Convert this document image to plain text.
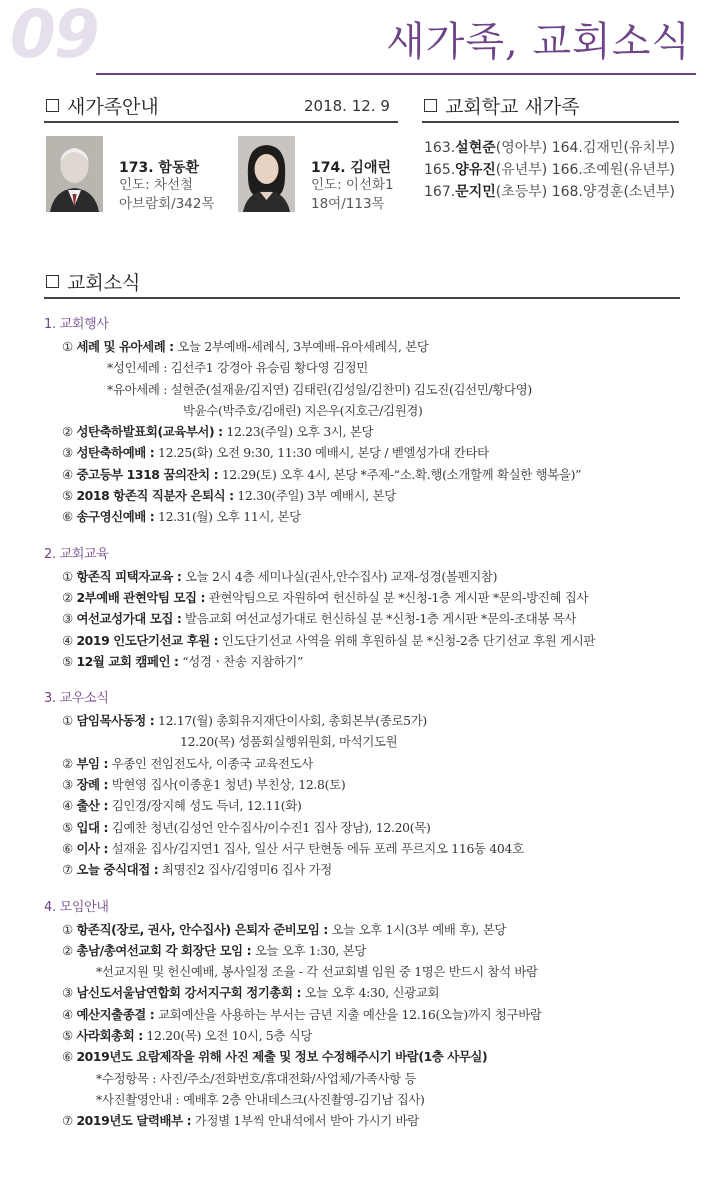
09	새가족, 교회소식
새가족안내	2018. 12. 9
173. 함동환
인도: 차선철
아브람회/342목
174. 김애린
인도: 이선화1
18여/113목
교회학교 새가족
163.설현준(영아부) 164.김재민(유치부)
165.양유진(유년부) 166.조예원(유년부)
167.문지민(초등부) 168.양경훈(소년부)
교회소식
1. 교회행사
① 세례 및 유아세례 : 오늘 2부예배-세례식, 3부예배-유아세례식, 본당
*성인세례 : 김선주1 강경아 유승림 황다영 김정민
*유아세례 : 설현준(설재윤/김지연) 김태린(김성일/김찬미) 김도진(김선민/황다영)
박윤수(박주호/김애린) 지은우(지호근/김원경)
② 성탄축하발표회(교육부서) : 12.23(주일) 오후 3시, 본당
③ 성탄축하예배 : 12.25(화) 오전 9:30, 11:30 예배시, 본당 / 벧엘성가대 칸타타
④ 중고등부 1318 꿈의잔치 : 12.29(토) 오후 4시, 본당 *주제-“소.확.행(소개할께 확실한 행복을)”
⑤ 2018 항존직 직분자 은퇴식 : 12.30(주일) 3부 예배시, 본당
⑥ 송구영신예배 : 12.31(월) 오후 11시, 본당
2. 교회교육
① 항존직 피택자교육 : 오늘 2시 4층 세미나실(권사,안수집사) 교재-성경(볼펜지참)
② 2부예배 관현악팀 모집 : 관현악팀으로 자원하여 헌신하실 분 *신청-1층 게시판 *문의-방진혜 집사
③ 여선교성가대 모집 : 발음교회 여선교성가대로 헌신하실 분 *신청-1층 게시판 *문의-조대봉 목사
④ 2019 인도단기선교 후원 : 인도단기선교 사역을 위해 후원하실 분 *신청-2층 단기선교 후원 게시판
⑤ 12월 교회 캠페인 : “성경ㆍ찬송 지참하기”
3. 교우소식
① 담임목사동정 : 12.17(월) 총회유지재단이사회, 총회본부(종로5가)
12.20(목) 성품회실행위원회, 마석기도원
② 부임 : 우종인 전임전도사, 이종국 교육전도사
③ 장례 : 박현영 집사(이종훈1 청년) 부친상, 12.8(토)
④ 출산 : 김인경/장지혜 성도 득녀, 12.11(화)
⑤ 입대 : 김예찬 청년(김성언 안수집사/이수진1 집사 장남), 12.20(목)
⑥ 이사 : 설재윤 집사/김지연1 집사, 일산 서구 탄현동 에듀 포레 푸르지오 116동 404호
⑦ 오늘 중식대접 : 최명진2 집사/김영미6 집사 가정
4. 모임안내
① 항존직(장로, 권사, 안수집사) 은퇴자 준비모임 : 오늘 오후 1시(3부 예배 후), 본당
② 총남/총여선교회 각 회장단 모임 : 오늘 오후 1:30, 본당
*선교지원 및 헌신예배, 봉사일정 조율 - 각 선교회별 임원 중 1명은 반드시 참석 바람
③ 남신도서울남연합회 강서지구회 정기총회 : 오늘 오후 4:30, 신광교회
④ 예산지출종결 : 교회예산을 사용하는 부서는 금년 지출 예산을 12.16(오늘)까지 청구바람
⑤ 사라회총회 : 12.20(목) 오전 10시, 5층 식당
⑥ 2019년도 요람제작을 위해 사진 제출 및 정보 수정해주시기 바람(1층 사무실)
*수정항목 : 사진/주소/전화번호/휴대전화/사업체/가족사항 등
*사진촬영안내 : 예배후 2층 안내데스크(사진촬영-김기남 집사)
⑦ 2019년도 달력배부 : 가정별 1부씩 안내석에서 받아 가시기 바람
